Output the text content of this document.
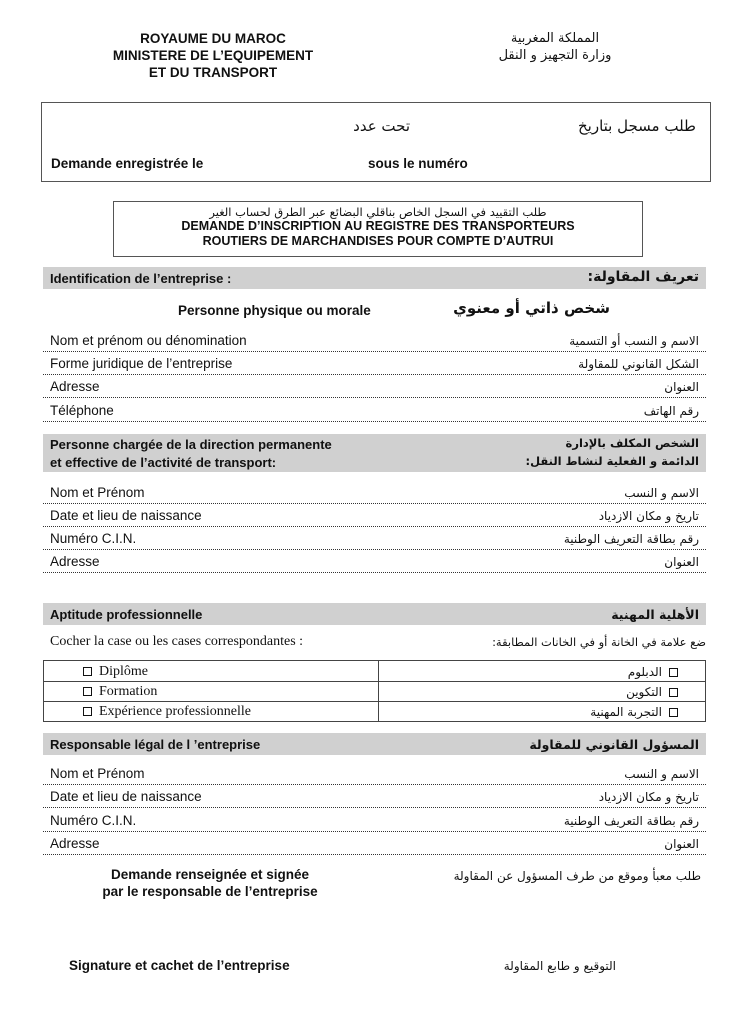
ROYAUME DU MAROC
MINISTERE DE L’EQUIPEMENT
ET DU TRANSPORT
المملكة المغربية
وزارة التجهيز و النقل
طلب مسجل بتاريخ
تحت عدد
Demande enregistrée le	sous le numéro
طلب التقييد في السجل الخاص بناقلي البضائع عبر الطرق لحساب الغير
DEMANDE D’INSCRIPTION AU REGISTRE DES TRANSPORTEURS
ROUTIERS DE MARCHANDISES POUR COMPTE D’AUTRUI
Identification de l’entreprise :	تعريف المقاولة:
Personne physique ou morale	شخص ذاتي أو معنوي
Nom et prénom ou dénomination	الاسم و النسب أو التسمية
Forme juridique de l’entreprise	الشكل القانوني للمقاولة
Adresse	العنوان
Téléphone	رقم الهاتف
Personne chargée de la direction permanente
et effective de l’activité de transport:
الشخص المكلف بالإدارة
الدائمة و الفعلية لنشاط النقل:
Nom et Prénom	الاسم و النسب
Date et lieu de naissance	تاريخ و مكان الازدياد
Numéro C.I.N.	رقم بطاقة التعريف الوطنية
Adresse	العنوان
Aptitude professionnelle	الأهلية المهنية
Cocher la case ou les cases correspondantes :	ضع علامة في الخانة أو في الخانات المطابقة:
Diplôme	الدبلوم
Formation	التكوين
Expérience professionnelle	التجربة المهنية
Responsable légal de l ’entreprise	المسؤول القانوني للمقاولة
Nom et Prénom	الاسم و النسب
Date et lieu de naissance	تاريخ و مكان الازدياد
Numéro C.I.N.	رقم بطاقة التعريف الوطنية
Adresse	العنوان
Demande renseignée et signée
par le responsable de l’entreprise
طلب معبأ وموقع من طرف المسؤول عن المقاولة
Signature et cachet de l’entreprise	التوقيع و طابع المقاولة
